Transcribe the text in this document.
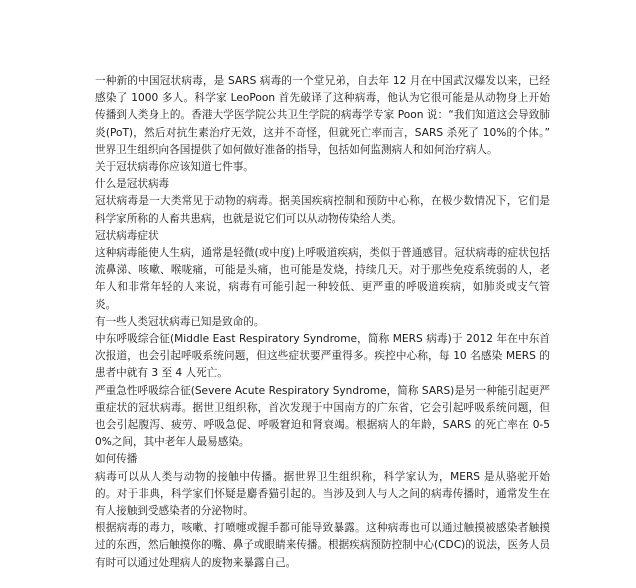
一种新的中国冠状病毒，是 SARS 病毒的一个堂兄弟，自去年 12 月在中国武汉爆发以来，已经感染了 1000 多人。科学家 LeoPoon 首先破译了这种病毒，他认为它很可能是从动物身上开始传播到人类身上的。香港大学医学院公共卫生学院的病毒学专家 Poon 说：“我们知道这会导致肺炎(PoT)，然后对抗生素治疗无效，这并不奇怪，但就死亡率而言，SARS 杀死了 10%的个体。” 世界卫生组织向各国提供了如何做好准备的指导，包括如何监测病人和如何治疗病人。

关于冠状病毒你应该知道七件事。

什么是冠状病毒

冠状病毒是一大类常见于动物的病毒。据美国疾病控制和预防中心称，在极少数情况下，它们是科学家所称的人畜共患病，也就是说它们可以从动物传染给人类。

冠状病毒症状

这种病毒能使人生病，通常是轻微(或中度)上呼吸道疾病，类似于普通感冒。冠状病毒的症状包括流鼻涕、咳嗽、喉咙痛，可能是头痛，也可能是发烧，持续几天。对于那些免疫系统弱的人，老年人和非常年轻的人来说，病毒有可能引起一种较低、更严重的呼吸道疾病，如肺炎或支气管炎。

有一些人类冠状病毒已知是致命的。

中东呼吸综合征(Middle East Respiratory Syndrome，简称 MERS 病毒)于 2012 年在中东首次报道，也会引起呼吸系统问题，但这些症状要严重得多。疾控中心称，每 10 名感染 MERS 的患者中就有 3 至 4 人死亡。

严重急性呼吸综合征(Severe Acute Respiratory Syndrome，简称 SARS)是另一种能引起更严重症状的冠状病毒。据世卫组织称，首次发现于中国南方的广东省，它会引起呼吸系统问题，但也会引起腹泻、疲劳、呼吸急促、呼吸窘迫和肾衰竭。根据病人的年龄，SARS 的死亡率在 0-50%之间，其中老年人最易感染。

如何传播

病毒可以从人类与动物的接触中传播。据世界卫生组织称，科学家认为，MERS 是从骆驼开始的。对于非典，科学家们怀疑是麝香猫引起的。当涉及到人与人之间的病毒传播时，通常发生在有人接触到受感染者的分泌物时。

根据病毒的毒力，咳嗽、打喷嚏或握手都可能导致暴露。这种病毒也可以通过触摸被感染者触摸过的东西，然后触摸你的嘴、鼻子或眼睛来传播。根据疾病预防控制中心(CDC)的说法，医务人员有时可以通过处理病人的废物来暴露自己。
